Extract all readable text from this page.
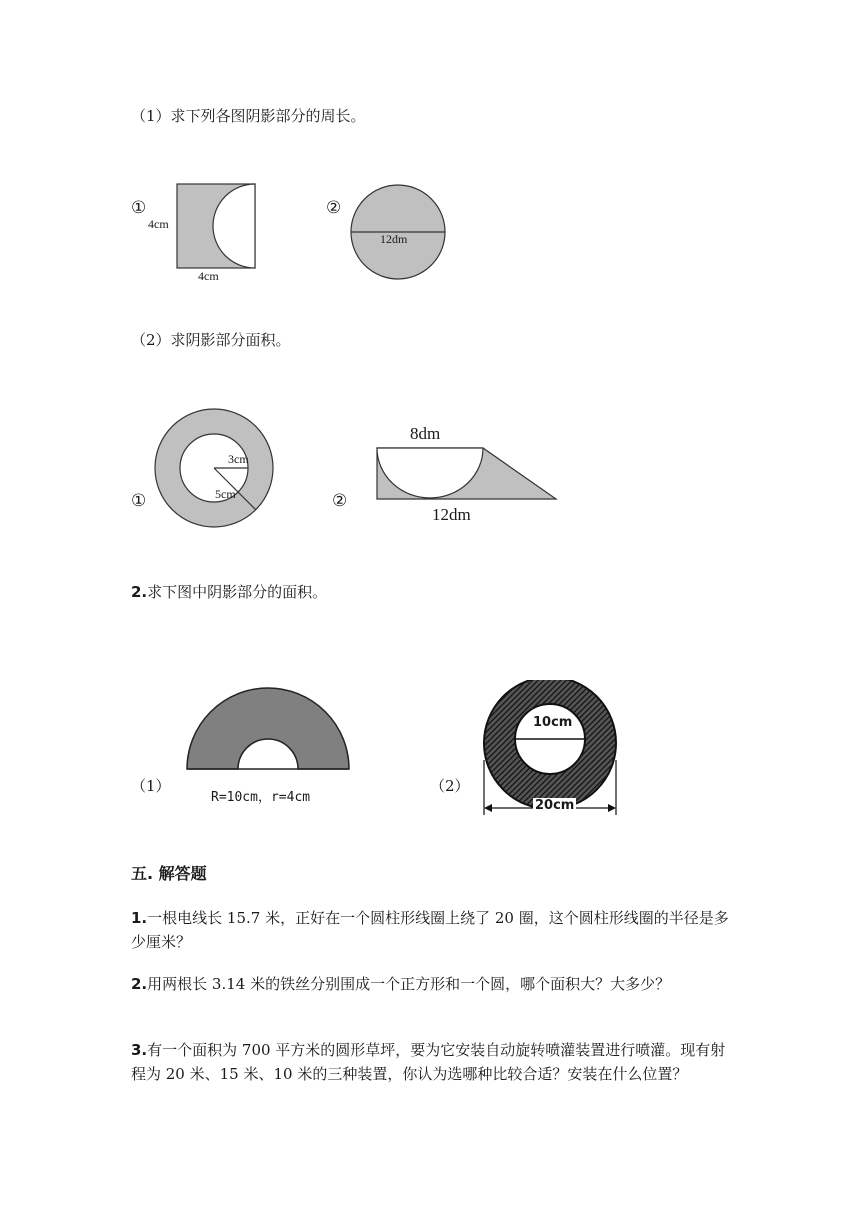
（1）求下列各图阴影部分的周长。
①
4cm
4cm
②
12dm
（2）求阴影部分面积。
①
3cm
5cm	②
8dm
12dm
2.求下图中阴影部分的面积。
（1）
R=10cm，r=4cm
（2）
10cm
20cm
五. 解答题
1.一根电线长 15.7 米，正好在一个圆柱形线圈上绕了 20 圈，这个圆柱形线圈的半径是多少厘米？
2.用两根长 3.14 米的铁丝分别围成一个正方形和一个圆，哪个面积大？大多少？
3.有一个面积为 700 平方米的圆形草坪，要为它安装自动旋转喷灌装置进行喷灌。现有射程为 20 米、15 米、10 米的三种装置，你认为选哪种比较合适？安装在什么位置？
